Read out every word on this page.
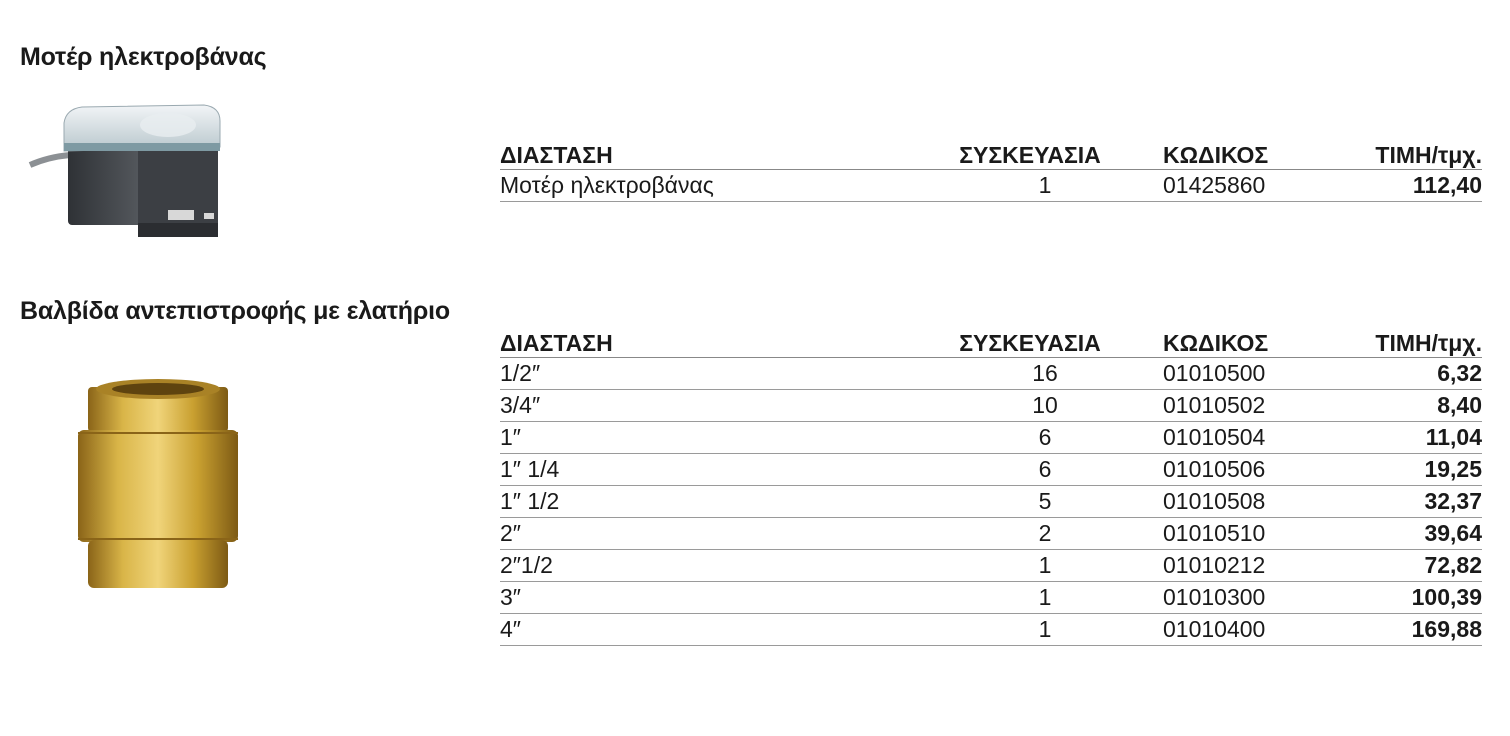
Μοτέρ ηλεκτροβάνας
ΔΙΑΣΤΑΣΗ	ΣΥΣΚΕΥΑΣΙΑ	ΚΩΔΙΚΟΣ	ΤΙΜΗ/τμχ.
Μοτέρ ηλεκτροβάνας	1	01425860	112,40
Βαλβίδα αντεπιστροφής με ελατήριο
ΔΙΑΣΤΑΣΗ	ΣΥΣΚΕΥΑΣΙΑ	ΚΩΔΙΚΟΣ	ΤΙΜΗ/τμχ.
1/2″	16	01010500	6,32
3/4″	10	01010502	8,40
1″	6	01010504	11,04
1″ 1/4	6	01010506	19,25
1″ 1/2	5	01010508	32,37
2″	2	01010510	39,64
2″1/2	1	01010212	72,82
3″	1	01010300	100,39
4″	1	01010400	169,88
